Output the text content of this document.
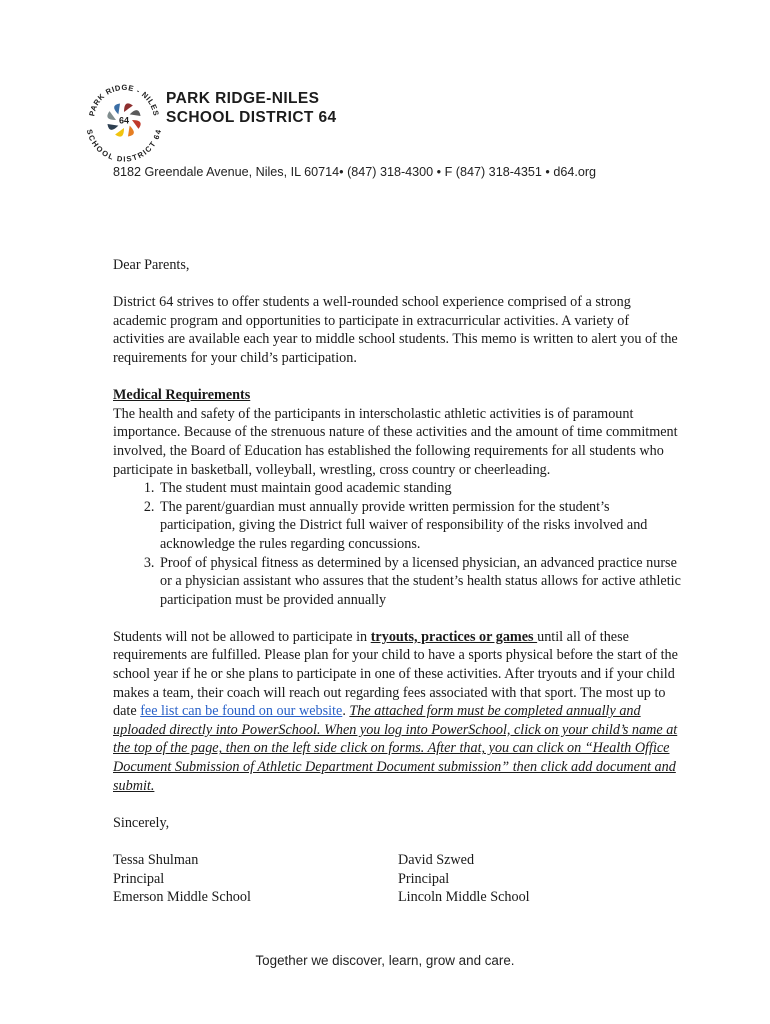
PARK RIDGE - NILES
SCHOOL DISTRICT 64
64
PARK RIDGE-NILES
SCHOOL DISTRICT 64
8182 Greendale Avenue, Niles, IL 60714• (847) 318-4300 • F (847) 318-4351 • d64.org

Dear Parents,

District 64 strives to offer students a well-rounded school experience comprised of a strong academic program and opportunities to participate in extracurricular activities. A variety of activities are available each year to middle school students. This memo is written to alert you of the requirements for your child’s participation.

Medical Requirements

The health and safety of the participants in interscholastic athletic activities is of paramount importance. Because of the strenuous nature of these activities and the amount of time commitment involved, the Board of Education has established the following requirements for all students who participate in basketball, volleyball, wrestling, cross country or cheerleading.

1. The student must maintain good academic standing
2. The parent/guardian must annually provide written permission for the student’s participation, giving the District full waiver of responsibility of the risks involved and acknowledge the rules regarding concussions.
3. Proof of physical fitness as determined by a licensed physician, an advanced practice nurse or a physician assistant who assures that the student’s health status allows for active athletic participation must be provided annually

Students will not be allowed to participate in tryouts, practices or games until all of these requirements are fulfilled. Please plan for your child to have a sports physical before the start of the school year if he or she plans to participate in one of these activities. After tryouts and if your child makes a team, their coach will reach out regarding fees associated with that sport. The most up to date fee list can be found on our website. The attached form must be completed annually and uploaded directly into PowerSchool. When you log into PowerSchool, click on your child’s name at the top of the page, then on the left side click on forms. After that, you can click on “Health Office Document Submission of Athletic Department Document submission” then click add document and submit.

Sincerely,

Tessa Shulman
Principal
Emerson Middle School
David Szwed
Principal
Lincoln Middle School
Together we discover, learn, grow and care.
